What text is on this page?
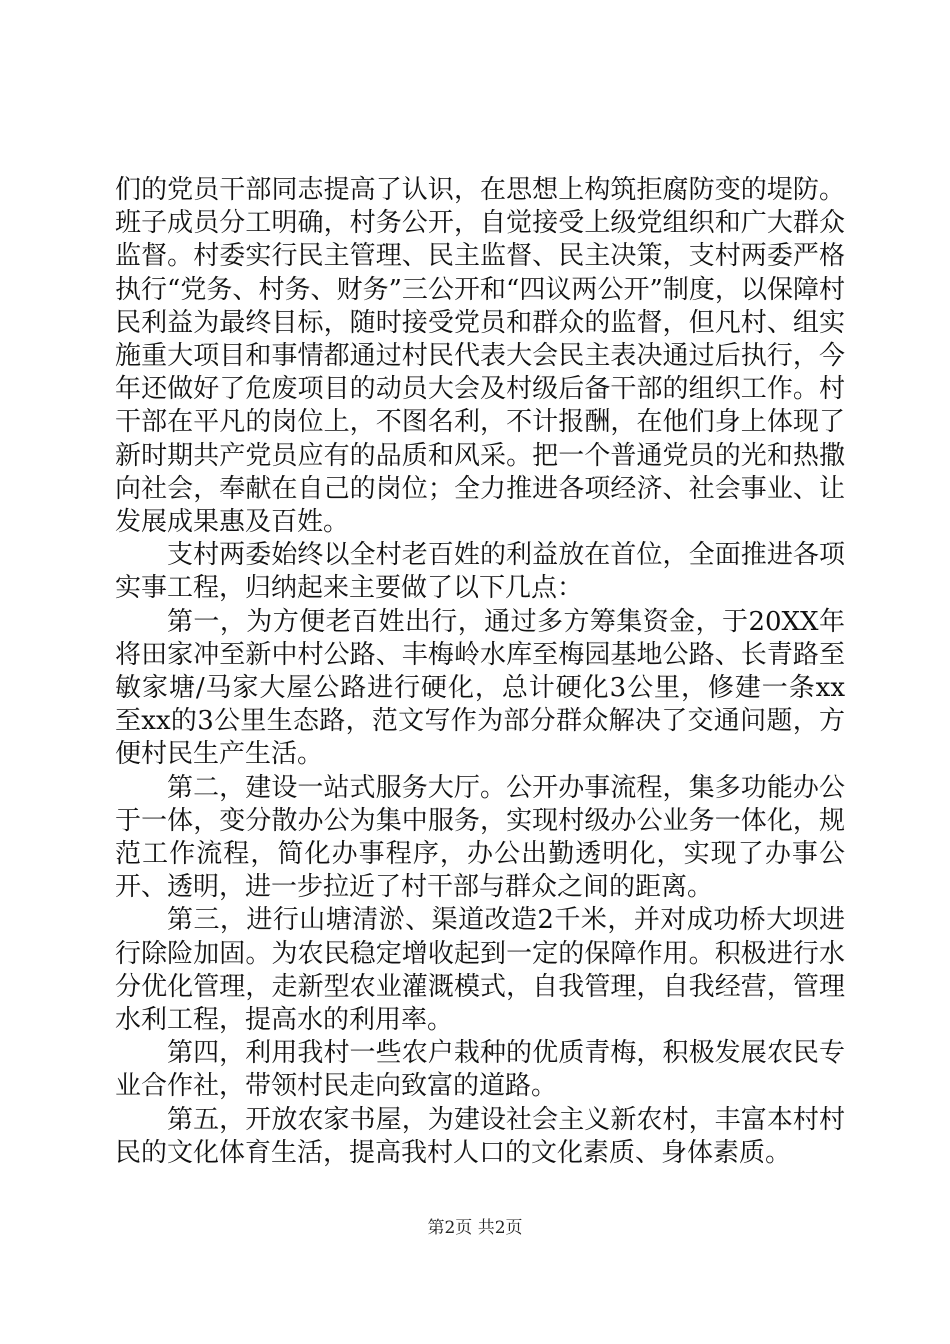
们的党员干部同志提高了认识，在思想上构筑拒腐防变的堤防。班子成员分工明确，村务公开，自觉接受上级党组织和广大群众监督。村委实行民主管理、民主监督、民主决策，支村两委严格执行“党务、村务、财务”三公开和“四议两公开”制度，以保障村民利益为最终目标，随时接受党员和群众的监督，但凡村、组实施重大项目和事情都通过村民代表大会民主表决通过后执行，今年还做好了危废项目的动员大会及村级后备干部的组织工作。村干部在平凡的岗位上，不图名利，不计报酬，在他们身上体现了新时期共产党员应有的品质和风采。把一个普通党员的光和热撒向社会，奉献在自己的岗位；全力推进各项经济、社会事业、让发展成果惠及百姓。

支村两委始终以全村老百姓的利益放在首位，全面推进各项实事工程，归纳起来主要做了以下几点：

第一，为方便老百姓出行，通过多方筹集资金，于20XX年将田家冲至新中村公路、丰梅岭水库至梅园基地公路、长青路至敏家塘/马家大屋公路进行硬化，总计硬化3公里，修建一条xx至xx的3公里生态路，范文写作为部分群众解决了交通问题，方便村民生产生活。

第二，建设一站式服务大厅。公开办事流程，集多功能办公于一体，变分散办公为集中服务，实现村级办公业务一体化，规范工作流程，简化办事程序，办公出勤透明化，实现了办事公开、透明，进一步拉近了村干部与群众之间的距离。

第三，进行山塘清淤、渠道改造2千米，并对成功桥大坝进行除险加固。为农民稳定增收起到一定的保障作用。积极进行水分优化管理，走新型农业灌溉模式，自我管理，自我经营，管理水利工程，提高水的利用率。

第四，利用我村一些农户栽种的优质青梅，积极发展农民专业合作社，带领村民走向致富的道路。

第五，开放农家书屋，为建设社会主义新农村，丰富本村村民的文化体育生活，提高我村人口的文化素质、身体素质。

第2页 共2页
